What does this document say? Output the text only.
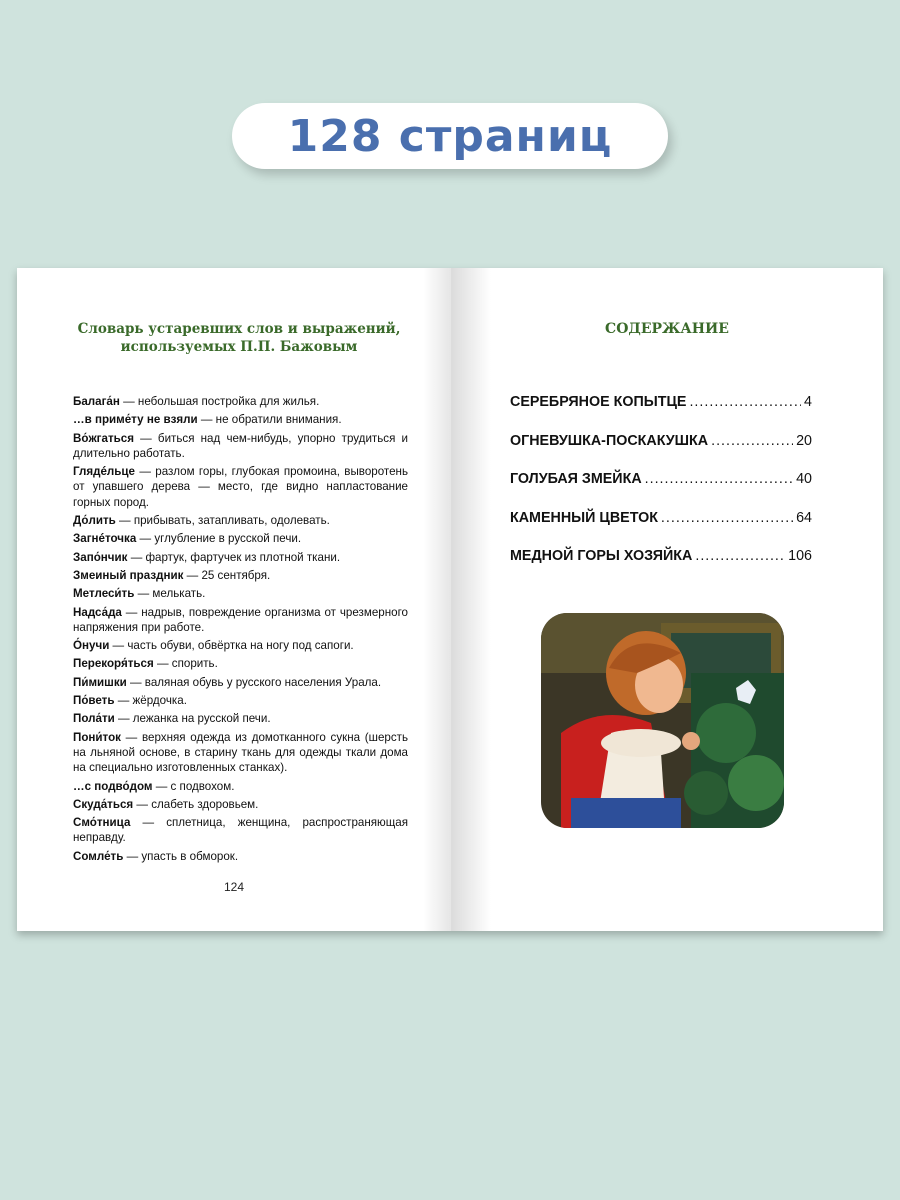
128 страниц
Словарь устаревших слов и выражений,
используемых П.П. Бажовым
Балага́н — небольшая постройка для жилья.
…в приме́ту не взяли — не обратили внимания.
Во́жгаться — биться над чем-нибудь, упорно трудиться и длительно работать.
Глядéльце — разлом горы, глубокая промоина, выворотень от упавшего дерева — место, где видно напластование горных пород.
До́лить — прибывать, затапливать, одолевать.
Загнéточка — углубление в русской печи.
Запо́нчик — фартук, фартучек из плотной ткани.
Змеиный праздник — 25 сентября.
Метлеси́ть — мелькать.
Надса́да — надрыв, повреждение организма от чрезмерного напряжения при работе.
О́нучи — часть обуви, обвёртка на ногу под сапоги.
Перекоря́ться — спорить.
Пи́мишки — валяная обувь у русского населения Урала.
По́веть — жёрдочка.
Пола́ти — лежанка на русской печи.
Пони́ток — верхняя одежда из домотканного сукна (шерсть на льняной основе, в старину ткань для одежды ткали дома на специально изготовленных станках).
…с подво́дом — с подвохом.
Скуда́ться — слабеть здоровьем.
Смо́тница — сплетница, женщина, распространяющая неправду.
Сомле́ть — упасть в обморок.
124
СОДЕРЖАНИЕ
СЕРЕБРЯНОЕ КОПЫТЦЕ .....	4
ОГНЕВУШКА-ПОСКАКУШКА .....	20
ГОЛУБАЯ ЗМЕЙКА .....	40
КАМЕННЫЙ ЦВЕТОК .....	64
МЕДНОЙ ГОРЫ ХОЗЯЙКА .....	106
